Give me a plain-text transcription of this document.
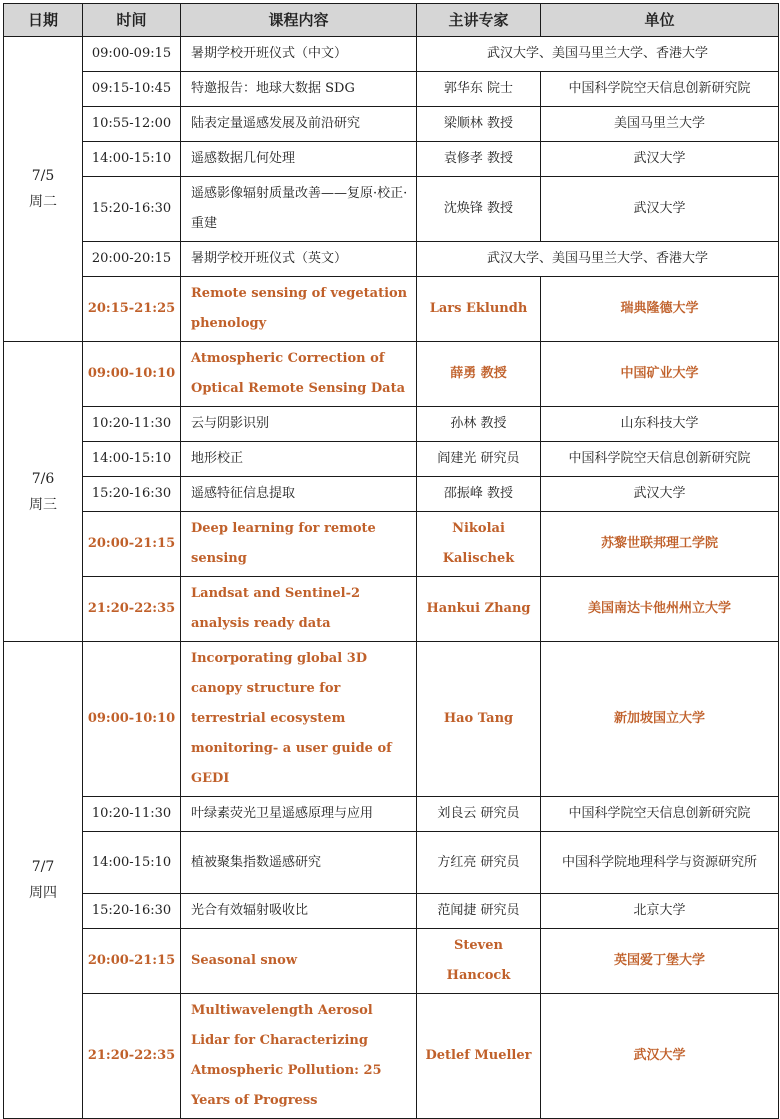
日期	时间	课程内容	主讲专家	单位

7/5
周二	09:00-09:15	暑期学校开班仪式（中文）	武汉大学、美国马里兰大学、香港大学	
	09:15-10:45	特邀报告：地球大数据 SDG	郭华东 院士	中国科学院空天信息创新研究院
	10:55-12:00	陆表定量遥感发展及前沿研究	梁顺林 教授	美国马里兰大学
	14:00-15:10	遥感数据几何处理	袁修孝 教授	武汉大学
	15:20-16:30	遥感影像辐射质量改善——复原·校正·重建	沈焕锋 教授	武汉大学
	20:00-20:15	暑期学校开班仪式（英文）	武汉大学、美国马里兰大学、香港大学	
	20:15-21:25	Remote sensing of vegetation phenology	Lars Eklundh	瑞典隆德大学

7/6
周三	09:00-10:10	Atmospheric Correction of Optical Remote Sensing Data	薛勇 教授	中国矿业大学
	10:20-11:30	云与阴影识别	孙林 教授	山东科技大学
	14:00-15:10	地形校正	阎建光 研究员	中国科学院空天信息创新研究院
	15:20-16:30	遥感特征信息提取	邵振峰 教授	武汉大学
	20:00-21:15	Deep learning for remote sensing	Nikolai Kalischek	苏黎世联邦理工学院
	21:20-22:35	Landsat and Sentinel-2 analysis ready data	Hankui Zhang	美国南达卡他州州立大学

7/7
周四	09:00-10:10	Incorporating global 3D canopy structure for terrestrial ecosystem monitoring- a user guide of GEDI	Hao Tang	新加坡国立大学
	10:20-11:30	叶绿素荧光卫星遥感原理与应用	刘良云 研究员	中国科学院空天信息创新研究院
	14:00-15:10	植被聚集指数遥感研究	方红亮 研究员	中国科学院地理科学与资源研究所
	15:20-16:30	光合有效辐射吸收比	范闻捷 研究员	北京大学
	20:00-21:15	Seasonal snow	Steven Hancock	英国爱丁堡大学
	21:20-22:35	Multiwavelength Aerosol Lidar for Characterizing Atmospheric Pollution: 25 Years of Progress	Detlef Mueller	武汉大学
